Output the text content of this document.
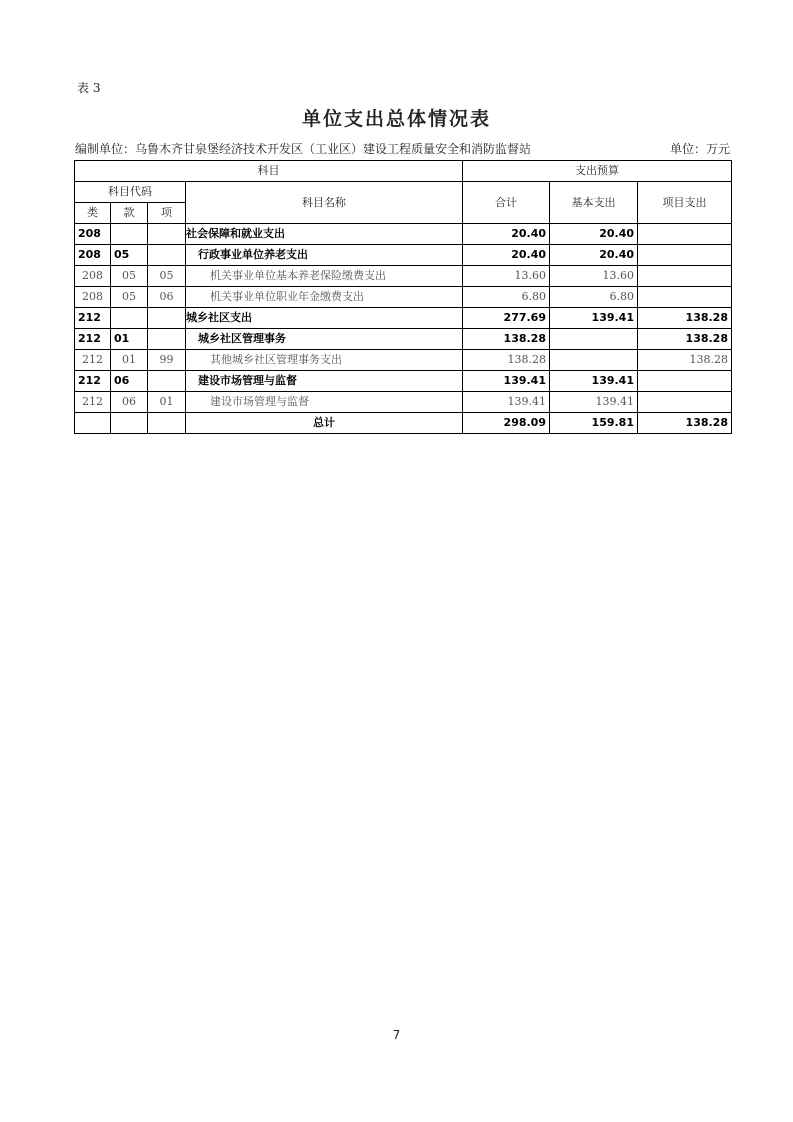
表 3
单位支出总体情况表
编制单位：乌鲁木齐甘泉堡经济技术开发区（工业区）建设工程质量安全和消防监督站	单位：万元
科目				支出预算		
科目代码			科目名称	合计	基本支出	项目支出
类	款	项				
208			社会保障和就业支出	20.40	20.40	
208	05		行政事业单位养老支出	20.40	20.40	
208	05	05	机关事业单位基本养老保险缴费支出	13.60	13.60	
208	05	06	机关事业单位职业年金缴费支出	6.80	6.80	
212			城乡社区支出	277.69	139.41	138.28
212	01		城乡社区管理事务	138.28		138.28
212	01	99	其他城乡社区管理事务支出	138.28		138.28
212	06		建设市场管理与监督	139.41	139.41	
212	06	01	建设市场管理与监督	139.41	139.41	
			总计	298.09	159.81	138.28
7
